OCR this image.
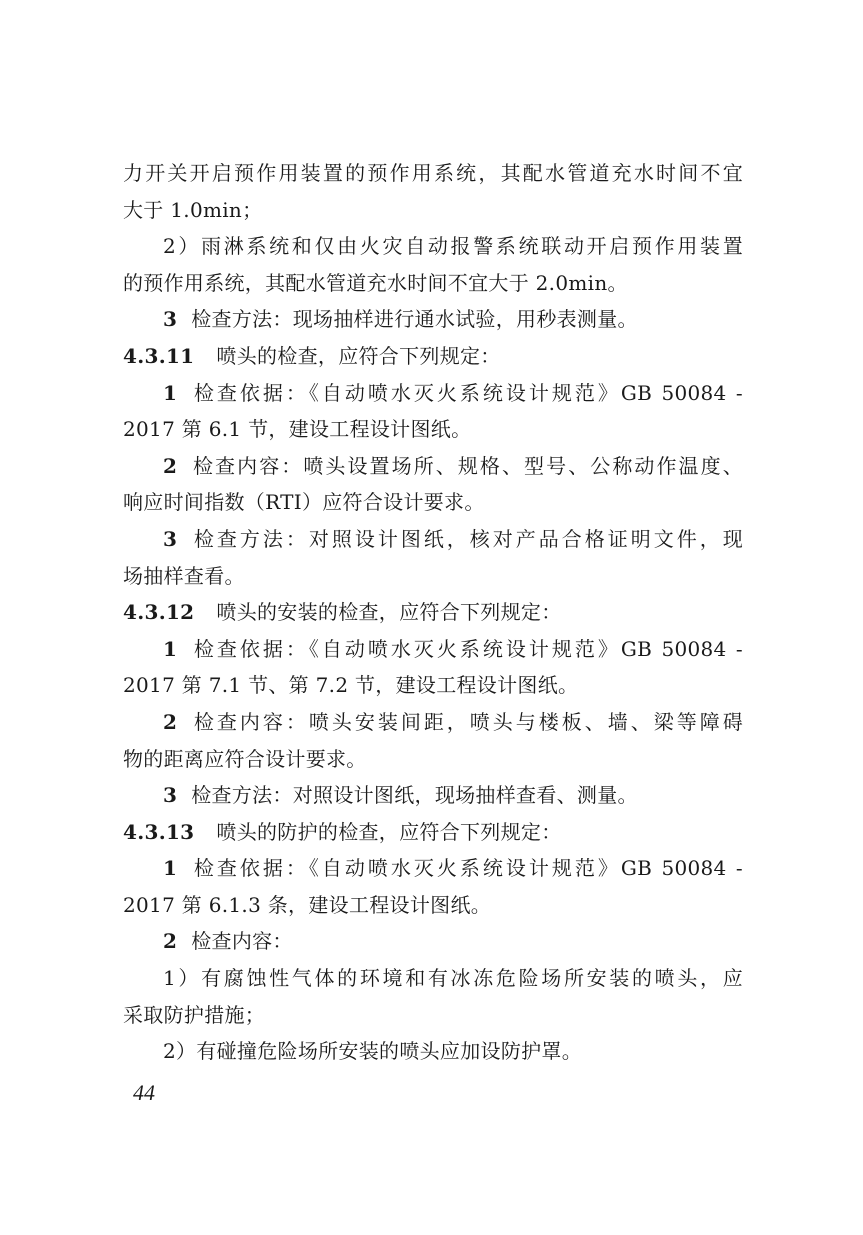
力开关开启预作用装置的预作用系统，其配水管道充水时间不宜
大于 1.0min；
2）雨淋系统和仅由火灾自动报警系统联动开启预作用装置
的预作用系统，其配水管道充水时间不宜大于 2.0min。
3 检查方法：现场抽样进行通水试验，用秒表测量。
4.3.11 喷头的检查，应符合下列规定：
1 检查依据：《自动喷水灭火系统设计规范》GB 50084 -
2017 第 6.1 节，建设工程设计图纸。
2 检查内容：喷头设置场所、规格、型号、公称动作温度、
响应时间指数（RTI）应符合设计要求。
3 检查方法：对照设计图纸，核对产品合格证明文件，现
场抽样查看。
4.3.12 喷头的安装的检查，应符合下列规定：
1 检查依据：《自动喷水灭火系统设计规范》GB 50084 -
2017 第 7.1 节、第 7.2 节，建设工程设计图纸。
2 检查内容：喷头安装间距，喷头与楼板、墙、梁等障碍
物的距离应符合设计要求。
3 检查方法：对照设计图纸，现场抽样查看、测量。
4.3.13 喷头的防护的检查，应符合下列规定：
1 检查依据：《自动喷水灭火系统设计规范》GB 50084 -
2017 第 6.1.3 条，建设工程设计图纸。
2 检查内容：
1）有腐蚀性气体的环境和有冰冻危险场所安装的喷头，应
采取防护措施；
2）有碰撞危险场所安装的喷头应加设防护罩。
44
